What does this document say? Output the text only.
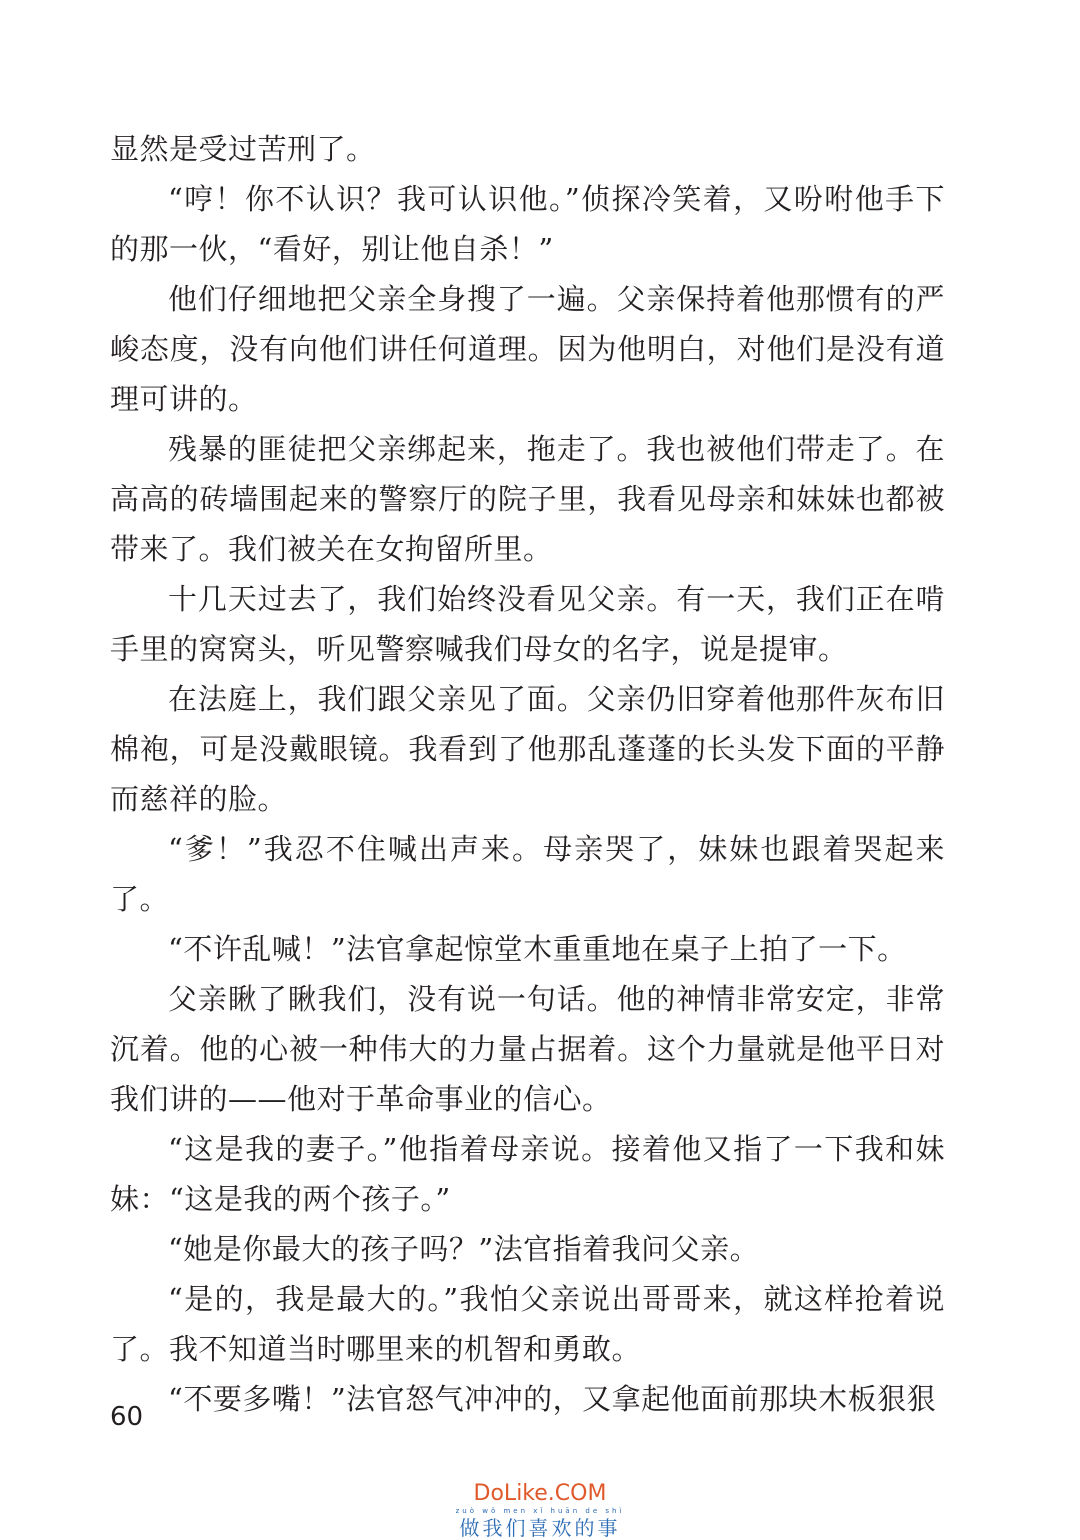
显然是受过苦刑了。

“哼！你不认识？我可认识他。”侦探冷笑着，又吩咐他手下的那一伙，“看好，别让他自杀！”

他们仔细地把父亲全身搜了一遍。父亲保持着他那惯有的严峻态度，没有向他们讲任何道理。因为他明白，对他们是没有道理可讲的。

残暴的匪徒把父亲绑起来，拖走了。我也被他们带走了。在高高的砖墙围起来的警察厅的院子里，我看见母亲和妹妹也都被带来了。我们被关在女拘留所里。

十几天过去了，我们始终没看见父亲。有一天，我们正在啃手里的窝窝头，听见警察喊我们母女的名字，说是提审。

在法庭上，我们跟父亲见了面。父亲仍旧穿着他那件灰布旧棉袍，可是没戴眼镜。我看到了他那乱蓬蓬的长头发下面的平静而慈祥的脸。

“爹！”我忍不住喊出声来。母亲哭了，妹妹也跟着哭起来了。

“不许乱喊！”法官拿起惊堂木重重地在桌子上拍了一下。

父亲瞅了瞅我们，没有说一句话。他的神情非常安定，非常沉着。他的心被一种伟大的力量占据着。这个力量就是他平日对我们讲的——他对于革命事业的信心。

“这是我的妻子。”他指着母亲说。接着他又指了一下我和妹妹：“这是我的两个孩子。”

“她是你最大的孩子吗？”法官指着我问父亲。

“是的，我是最大的。”我怕父亲说出哥哥来，就这样抢着说了。我不知道当时哪里来的机智和勇敢。

“不要多嘴！”法官怒气冲冲的，又拿起他面前那块木板狠狠

60
DoLike.COM
zuò wǒ men xǐ huān de shì
做我们喜欢的事
